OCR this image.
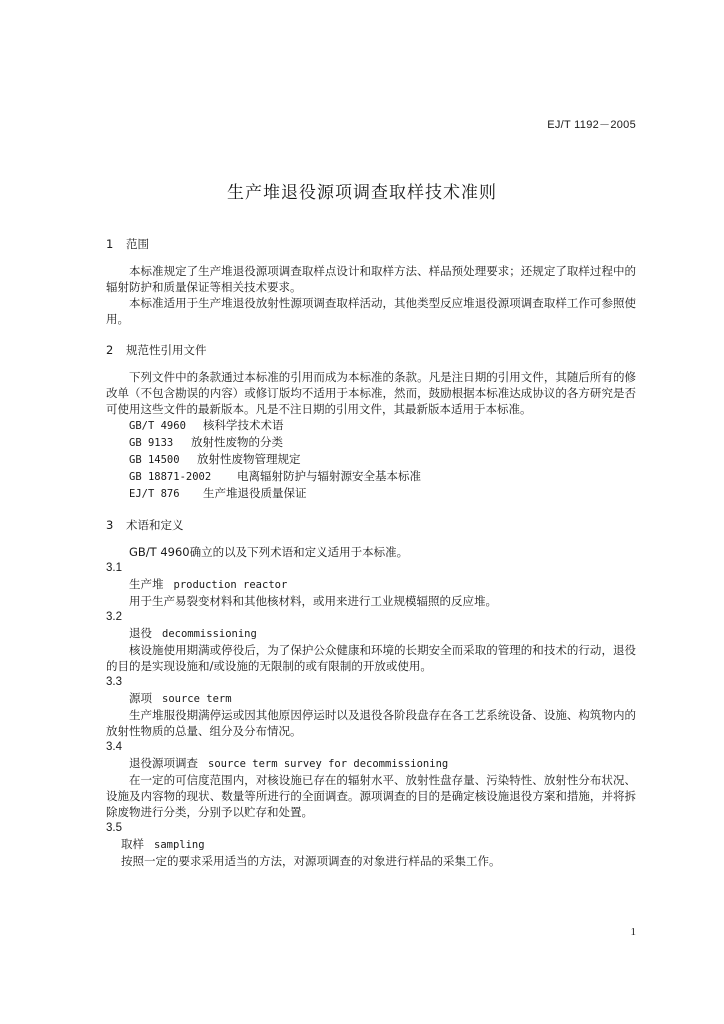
EJ/T 1192－2005
生产堆退役源项调查取样技术准则

1 范围

本标准规定了生产堆退役源项调查取样点设计和取样方法、样品预处理要求；还规定了取样过程中的辐射防护和质量保证等相关技术要求。

本标准适用于生产堆退役放射性源项调查取样活动，其他类型反应堆退役源项调查取样工作可参照使用。

2 规范性引用文件

下列文件中的条款通过本标准的引用而成为本标准的条款。凡是注日期的引用文件，其随后所有的修改单（不包含勘误的内容）或修订版均不适用于本标准，然而，鼓励根据本标准达成协议的各方研究是否可使用这些文件的最新版本。凡是不注日期的引用文件，其最新版本适用于本标准。

GB/T 4960 核科学技术术语

GB 9133 放射性废物的分类

GB 14500 放射性废物管理规定

GB 18871-2002 电离辐射防护与辐射源安全基本标准

EJ/T 876 生产堆退役质量保证

3 术语和定义

GB/T 4960确立的以及下列术语和定义适用于本标准。

3.1

生产堆 production reactor

用于生产易裂变材料和其他核材料，或用来进行工业规模辐照的反应堆。

3.2

退役 decommissioning

核设施使用期满或停役后，为了保护公众健康和环境的长期安全而采取的管理的和技术的行动，退役的目的是实现设施和/或设施的无限制的或有限制的开放或使用。

3.3

源项 source term

生产堆服役期满停运或因其他原因停运时以及退役各阶段盘存在各工艺系统设备、设施、构筑物内的放射性物质的总量、组分及分布情况。

3.4

退役源项调查 source term survey for decommissioning

在一定的可信度范围内，对核设施已存在的辐射水平、放射性盘存量、污染特性、放射性分布状况、设施及内容物的现状、数量等所进行的全面调查。源项调查的目的是确定核设施退役方案和措施，并将拆除废物进行分类，分别予以贮存和处置。

3.5

取样 sampling

按照一定的要求采用适当的方法，对源项调查的对象进行样品的采集工作。

1
